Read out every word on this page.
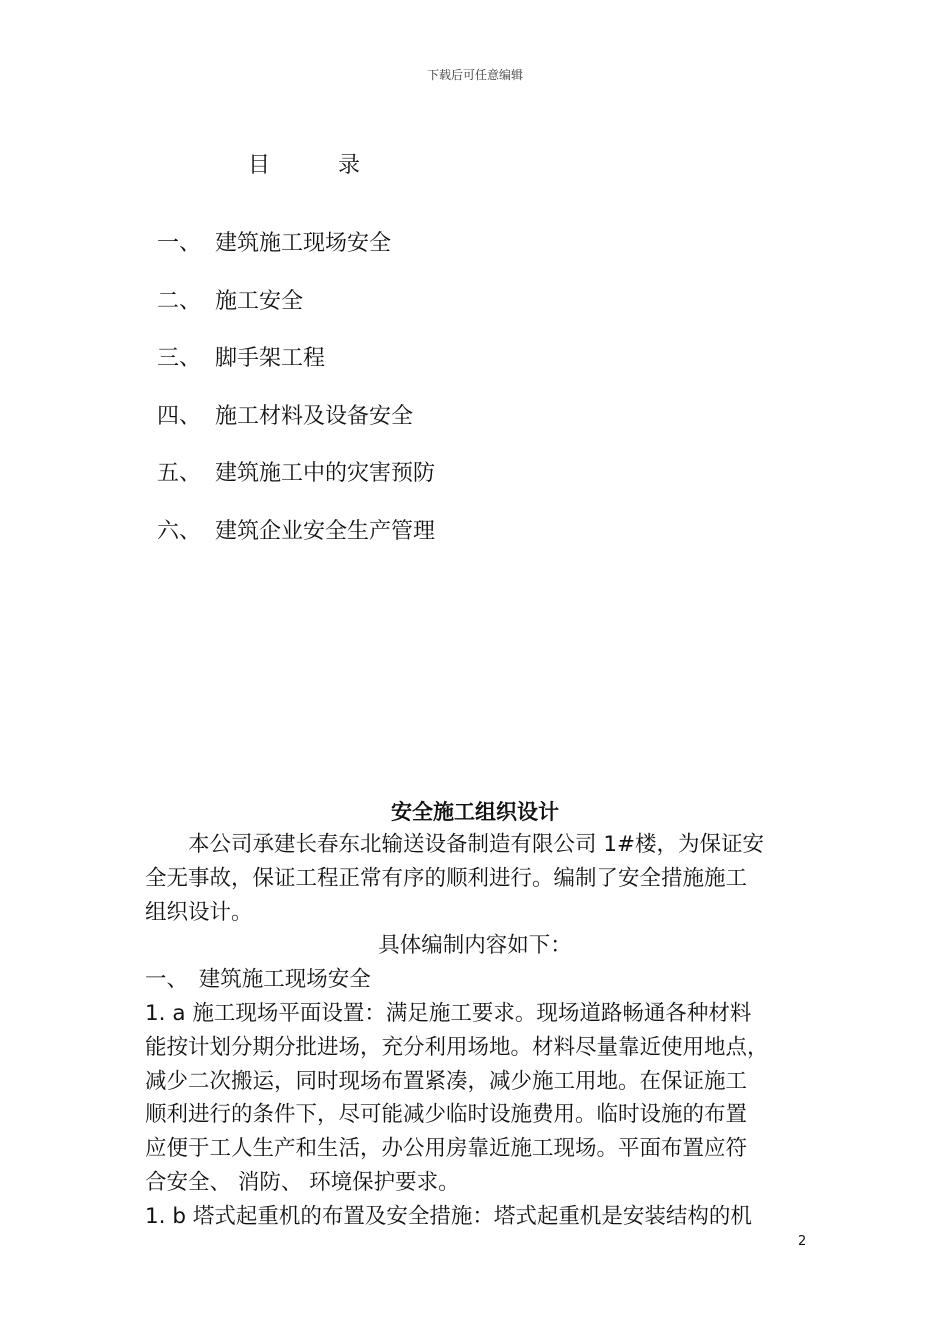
下载后可任意编辑
目	录
一、 建筑施工现场安全
二、 施工安全
三、 脚手架工程
四、 施工材料及设备安全
五、 建筑施工中的灾害预防
六、 建筑企业安全生产管理
安全施工组织设计

本公司承建长春东北输送设备制造有限公司 1#楼，为保证安

全无事故，保证工程正常有序的顺利进行。编制了安全措施施工

组织设计。

具体编制内容如下：

一、　建筑施工现场安全

1. a 施工现场平面设置：满足施工要求。现场道路畅通各种材料

能按计划分期分批进场，充分利用场地。材料尽量靠近使用地点，

减少二次搬运，同时现场布置紧凑，减少施工用地。在保证施工

顺利进行的条件下，尽可能减少临时设施费用。临时设施的布置

应便于工人生产和生活，办公用房靠近施工现场。平面布置应符

合安全、 消防、 环境保护要求。

1. b 塔式起重机的布置及安全措施：塔式起重机是安装结构的机

2
